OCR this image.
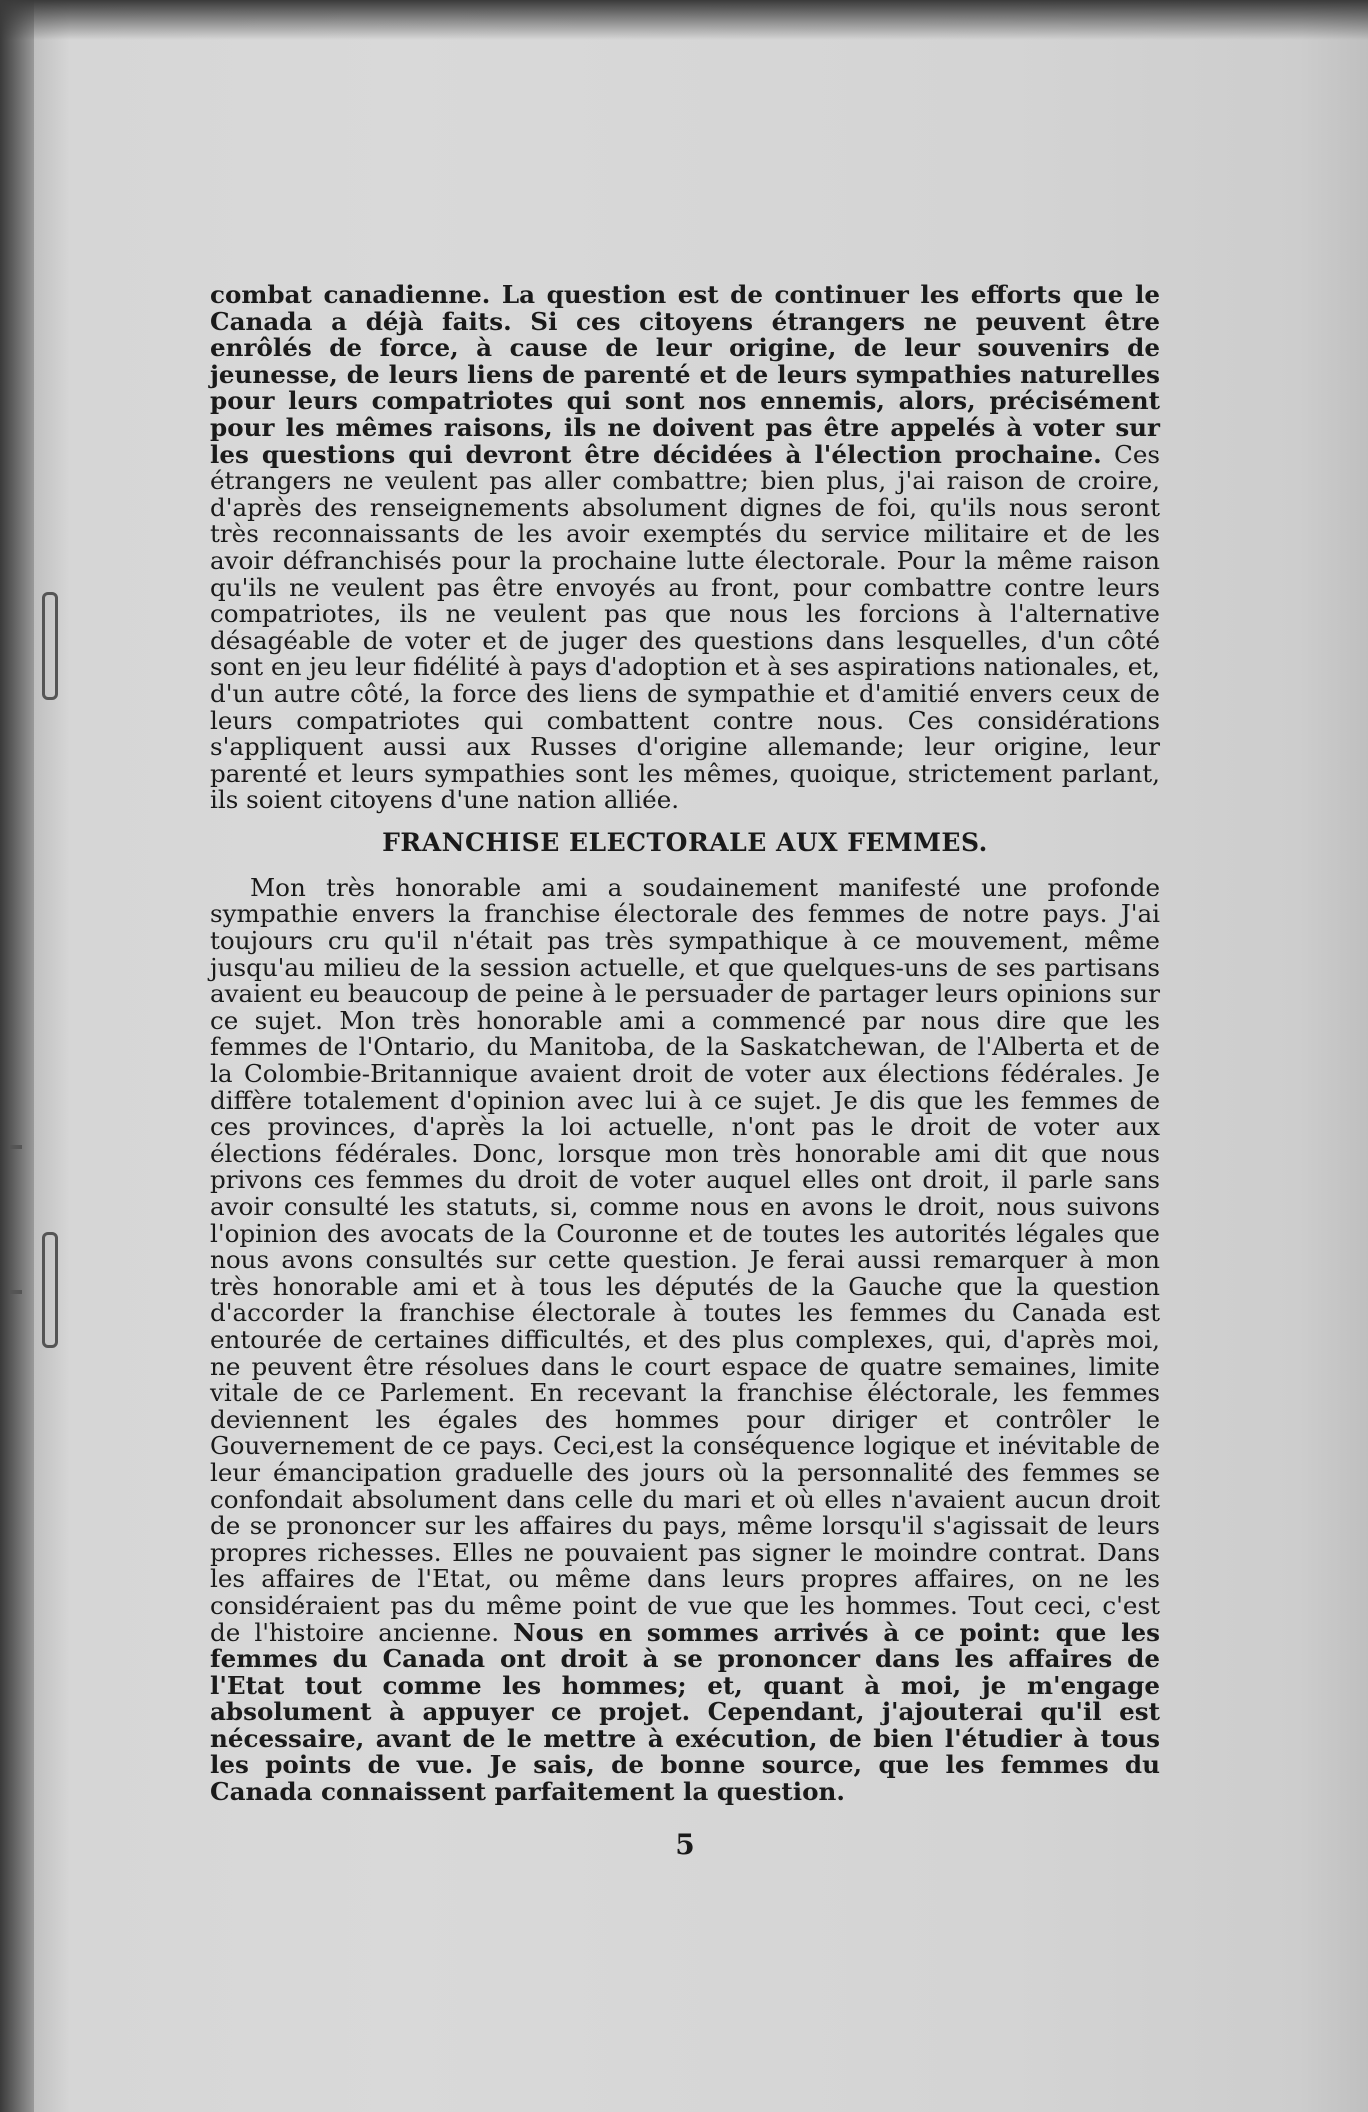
combat canadienne. La question est de continuer les efforts que le Canada a déjà faits. Si ces citoyens étrangers ne peuvent être enrôlés de force, à cause de leur origine, de leur souvenirs de jeunesse, de leurs liens de parenté et de leurs sympathies naturelles pour leurs compatriotes qui sont nos ennemis, alors, précisément pour les mêmes raisons, ils ne doivent pas être appelés à voter sur les questions qui devront être décidées à l'élection prochaine. Ces étrangers ne veulent pas aller combattre; bien plus, j'ai raison de croire, d'après des renseignements absolument dignes de foi, qu'ils nous seront très reconnaissants de les avoir exemptés du service militaire et de les avoir défranchisés pour la prochaine lutte électorale. Pour la même raison qu'ils ne veulent pas être envoyés au front, pour combattre contre leurs compatriotes, ils ne veulent pas que nous les forcions à l'alternative désagéable de voter et de juger des questions dans lesquelles, d'un côté sont en jeu leur fidélité à pays d'adoption et à ses aspirations nationales, et, d'un autre côté, la force des liens de sympathie et d'amitié envers ceux de leurs compatriotes qui combattent contre nous. Ces considérations s'appliquent aussi aux Russes d'origine allemande; leur origine, leur parenté et leurs sympathies sont les mêmes, quoique, strictement parlant, ils soient citoyens d'une nation alliée.

FRANCHISE ELECTORALE AUX FEMMES.

Mon très honorable ami a soudainement manifesté une profonde sympathie envers la franchise électorale des femmes de notre pays. J'ai toujours cru qu'il n'était pas très sympathique à ce mouvement, même jusqu'au milieu de la session actuelle, et que quelques-uns de ses partisans avaient eu beaucoup de peine à le persuader de partager leurs opinions sur ce sujet. Mon très honorable ami a commencé par nous dire que les femmes de l'Ontario, du Manitoba, de la Saskatchewan, de l'Alberta et de la Colombie-Britannique avaient droit de voter aux élections fédérales. Je diffère totalement d'opinion avec lui à ce sujet. Je dis que les femmes de ces provinces, d'après la loi actuelle, n'ont pas le droit de voter aux élections fédérales. Donc, lorsque mon très honorable ami dit que nous privons ces femmes du droit de voter auquel elles ont droit, il parle sans avoir consulté les statuts, si, comme nous en avons le droit, nous suivons l'opinion des avocats de la Couronne et de toutes les autorités légales que nous avons consultés sur cette question. Je ferai aussi remarquer à mon très honorable ami et à tous les députés de la Gauche que la question d'accorder la franchise électorale à toutes les femmes du Canada est entourée de certaines difficultés, et des plus complexes, qui, d'après moi, ne peuvent être résolues dans le court espace de quatre semaines, limite vitale de ce Parlement. En recevant la franchise éléctorale, les femmes deviennent les égales des hommes pour diriger et contrôler le Gouvernement de ce pays. Ceci,est la conséquence logique et inévitable de leur émancipation graduelle des jours où la personnalité des femmes se confondait absolument dans celle du mari et où elles n'avaient aucun droit de se prononcer sur les affaires du pays, même lorsqu'il s'agissait de leurs propres richesses. Elles ne pouvaient pas signer le moindre contrat. Dans les affaires de l'Etat, ou même dans leurs propres affaires, on ne les considéraient pas du même point de vue que les hommes. Tout ceci, c'est de l'histoire ancienne. Nous en sommes arrivés à ce point: que les femmes du Canada ont droit à se prononcer dans les affaires de l'Etat tout comme les hommes; et, quant à moi, je m'engage absolument à appuyer ce projet. Cependant, j'ajouterai qu'il est nécessaire, avant de le mettre à exécution, de bien l'étudier à tous les points de vue. Je sais, de bonne source, que les femmes du Canada connaissent parfaitement la question.

5
